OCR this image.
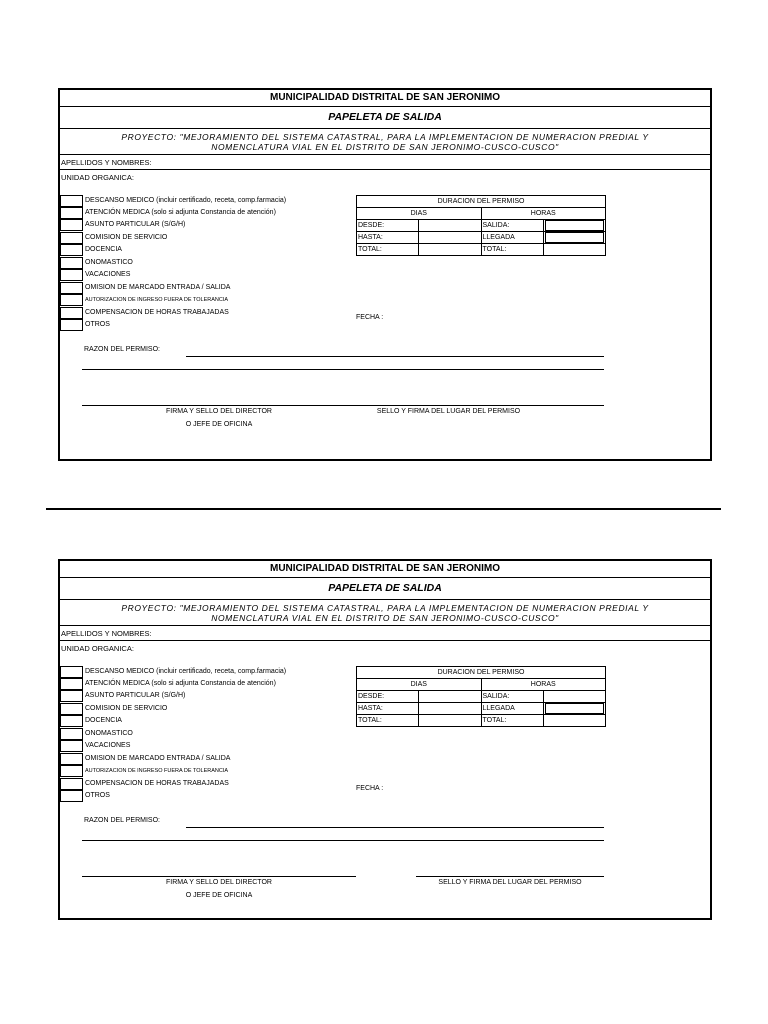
MUNICIPALIDAD DISTRITAL DE SAN JERONIMO
PAPELETA DE SALIDA
PROYECTO: "MEJORAMIENTO DEL SISTEMA CATASTRAL, PARA LA IMPLEMENTACION DE NUMERACION PREDIAL Y
NOMENCLATURA VIAL EN EL DISTRITO DE SAN JERONIMO-CUSCO-CUSCO"
APELLIDOS Y NOMBRES:
UNIDAD ORGANICA:
DESCANSO MEDICO (incluir certificado, receta, comp.farmacia)
ATENCIÓN MEDICA (solo si adjunta Constancia de atención)
ASUNTO PARTICULAR (S/G/H)
COMISION DE SERVICIO
DOCENCIA
ONOMASTICO
VACACIONES
OMISION DE MARCADO ENTRADA / SALIDA
AUTORIZACION DE INGRESO FUERA DE TOLERANCIA
COMPENSACION DE HORAS TRABAJADAS
OTROS
DURACION DEL PERMISO			
DIAS		HORAS	
DESDE:		SALIDA:	

HASTA:		LLEGADA	

TOTAL:		TOTAL:	
FECHA :
RAZON DEL PERMISO:
FIRMA Y SELLO DEL DIRECTOR
O JEFE DE OFICINA
SELLO Y FIRMA DEL LUGAR DEL PERMISO
MUNICIPALIDAD DISTRITAL DE SAN JERONIMO
PAPELETA DE SALIDA
PROYECTO: "MEJORAMIENTO DEL SISTEMA CATASTRAL, PARA LA IMPLEMENTACION DE NUMERACION PREDIAL Y
NOMENCLATURA VIAL EN EL DISTRITO DE SAN JERONIMO-CUSCO-CUSCO"
APELLIDOS Y NOMBRES:
UNIDAD ORGANICA:
DESCANSO MEDICO (incluir certificado, receta, comp.farmacia)
ATENCIÓN MEDICA (solo si adjunta Constancia de atención)
ASUNTO PARTICULAR (S/G/H)
COMISION DE SERVICIO
DOCENCIA
ONOMASTICO
VACACIONES
OMISION DE MARCADO ENTRADA / SALIDA
AUTORIZACION DE INGRESO FUERA DE TOLERANCIA
COMPENSACION DE HORAS TRABAJADAS
OTROS
DURACION DEL PERMISO			
DIAS		HORAS	
DESDE:		SALIDA:	
HASTA:		LLEGADA	

TOTAL:		TOTAL:	
FECHA :
RAZON DEL PERMISO:
FIRMA Y SELLO DEL DIRECTOR
O JEFE DE OFICINA
SELLO Y FIRMA DEL LUGAR DEL PERMISO
